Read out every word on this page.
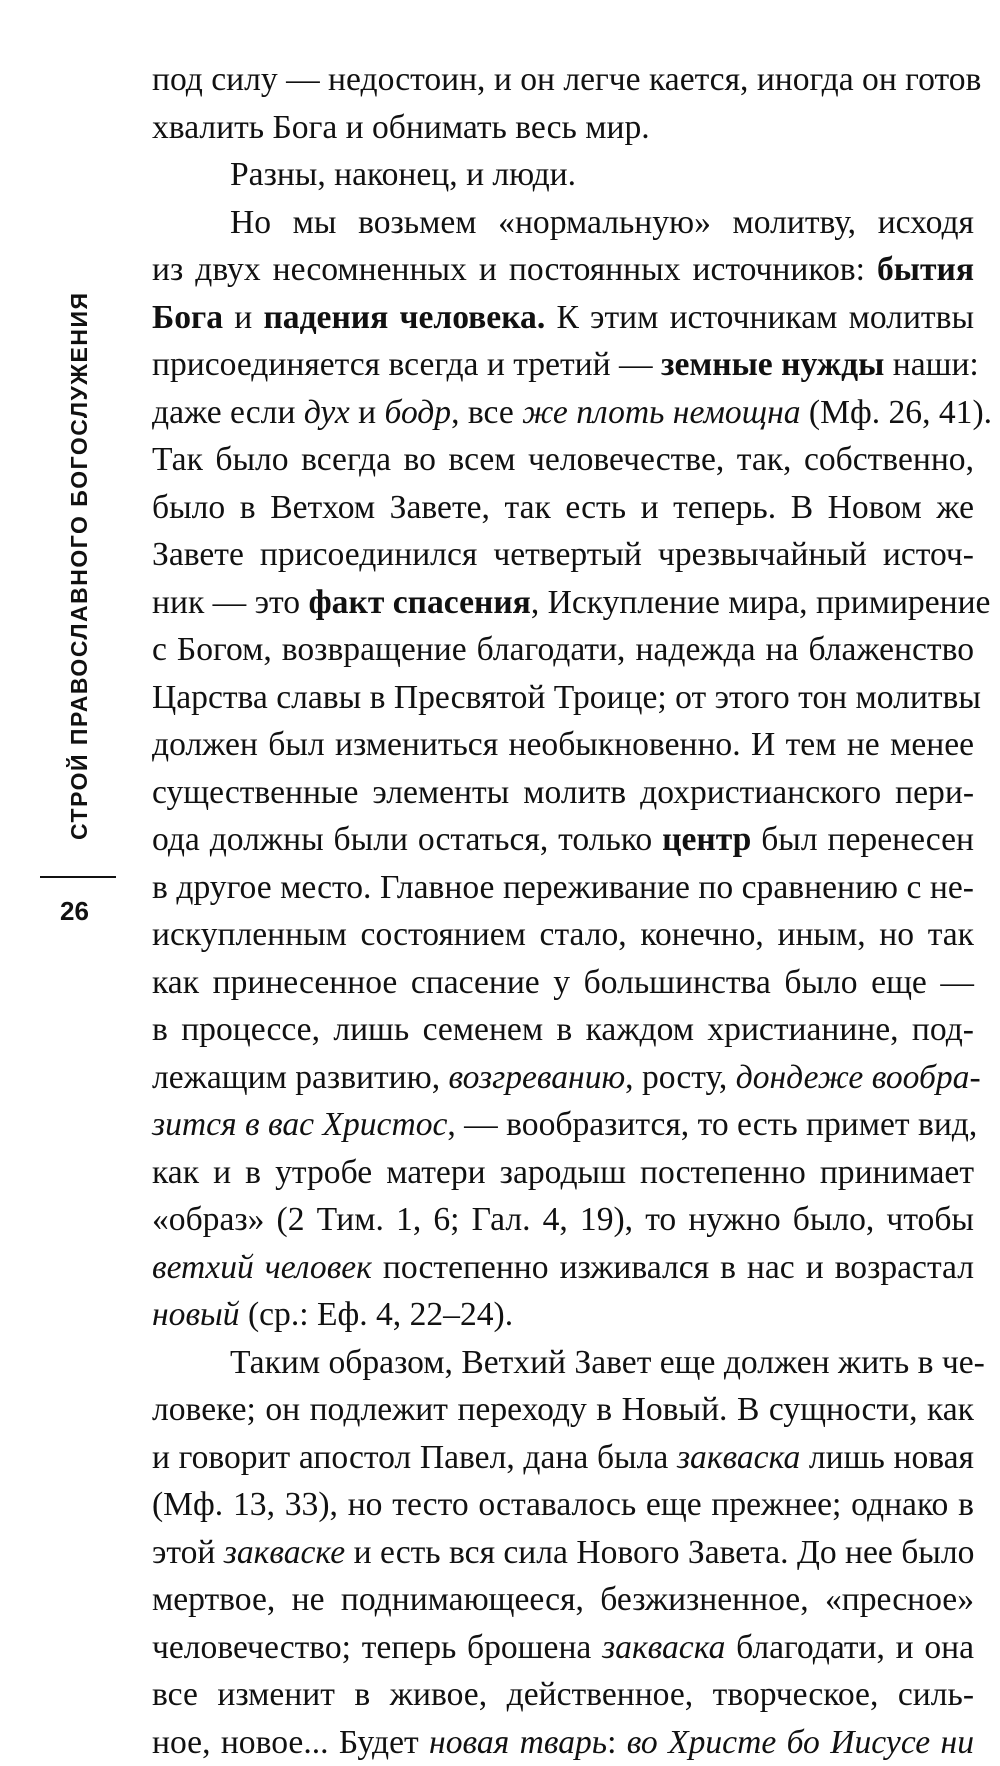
СТРОЙ ПРАВОСЛАВНОГО БОГОСЛУЖЕНИЯ
26
под силу — недостоин, и он легче кается, иногда он готов
хвалить Бога и обнимать весь мир.
Разны, наконец, и люди.
Но мы возьмем «нормальную» молитву, исходя
из двух несомненных и постоянных источников: бытия
Бога и падения человека. К этим источникам молитвы
присоединяется всегда и третий — земные нужды наши:
даже если дух и бодр, все же плоть немощна (Мф. 26, 41).
Так было всегда во всем человечестве, так, собственно,
было в Ветхом Завете, так есть и теперь. В Новом же
Завете присоединился четвертый чрезвычайный источ-
ник — это факт спасения, Искупление мира, примирение
с Богом, возвращение благодати, надежда на блаженство
Царства славы в Пресвятой Троице; от этого тон молитвы
должен был измениться необыкновенно. И тем не менее
существенные элементы молитв дохристианского пери-
ода должны были остаться, только центр был перенесен
в другое место. Главное переживание по сравнению с не-
искупленным состоянием стало, конечно, иным, но так
как принесенное спасение у большинства было еще —
в процессе, лишь семенем в каждом христианине, под-
лежащим развитию, возгреванию, росту, дондеже вообра-
зится в вас Христос, — вообразится, то есть примет вид,
как и в утробе матери зародыш постепенно принимает
«образ» (2 Тим. 1, 6; Гал. 4, 19), то нужно было, чтобы
ветхий человек постепенно изживался в нас и возрастал
новый (ср.: Еф. 4, 22–24).
Таким образом, Ветхий Завет еще должен жить в че-
ловеке; он подлежит переходу в Новый. В сущности, как
и говорит апостол Павел, дана была закваска лишь новая
(Мф. 13, 33), но тесто оставалось еще прежнее; однако в
этой закваске и есть вся сила Нового Завета. До нее было
мертвое, не поднимающееся, безжизненное, «пресное»
человечество; теперь брошена закваска благодати, и она
все изменит в живое, действенное, творческое, силь-
ное, новое... Будет новая тварь: во Христе бо Иисусе ни
